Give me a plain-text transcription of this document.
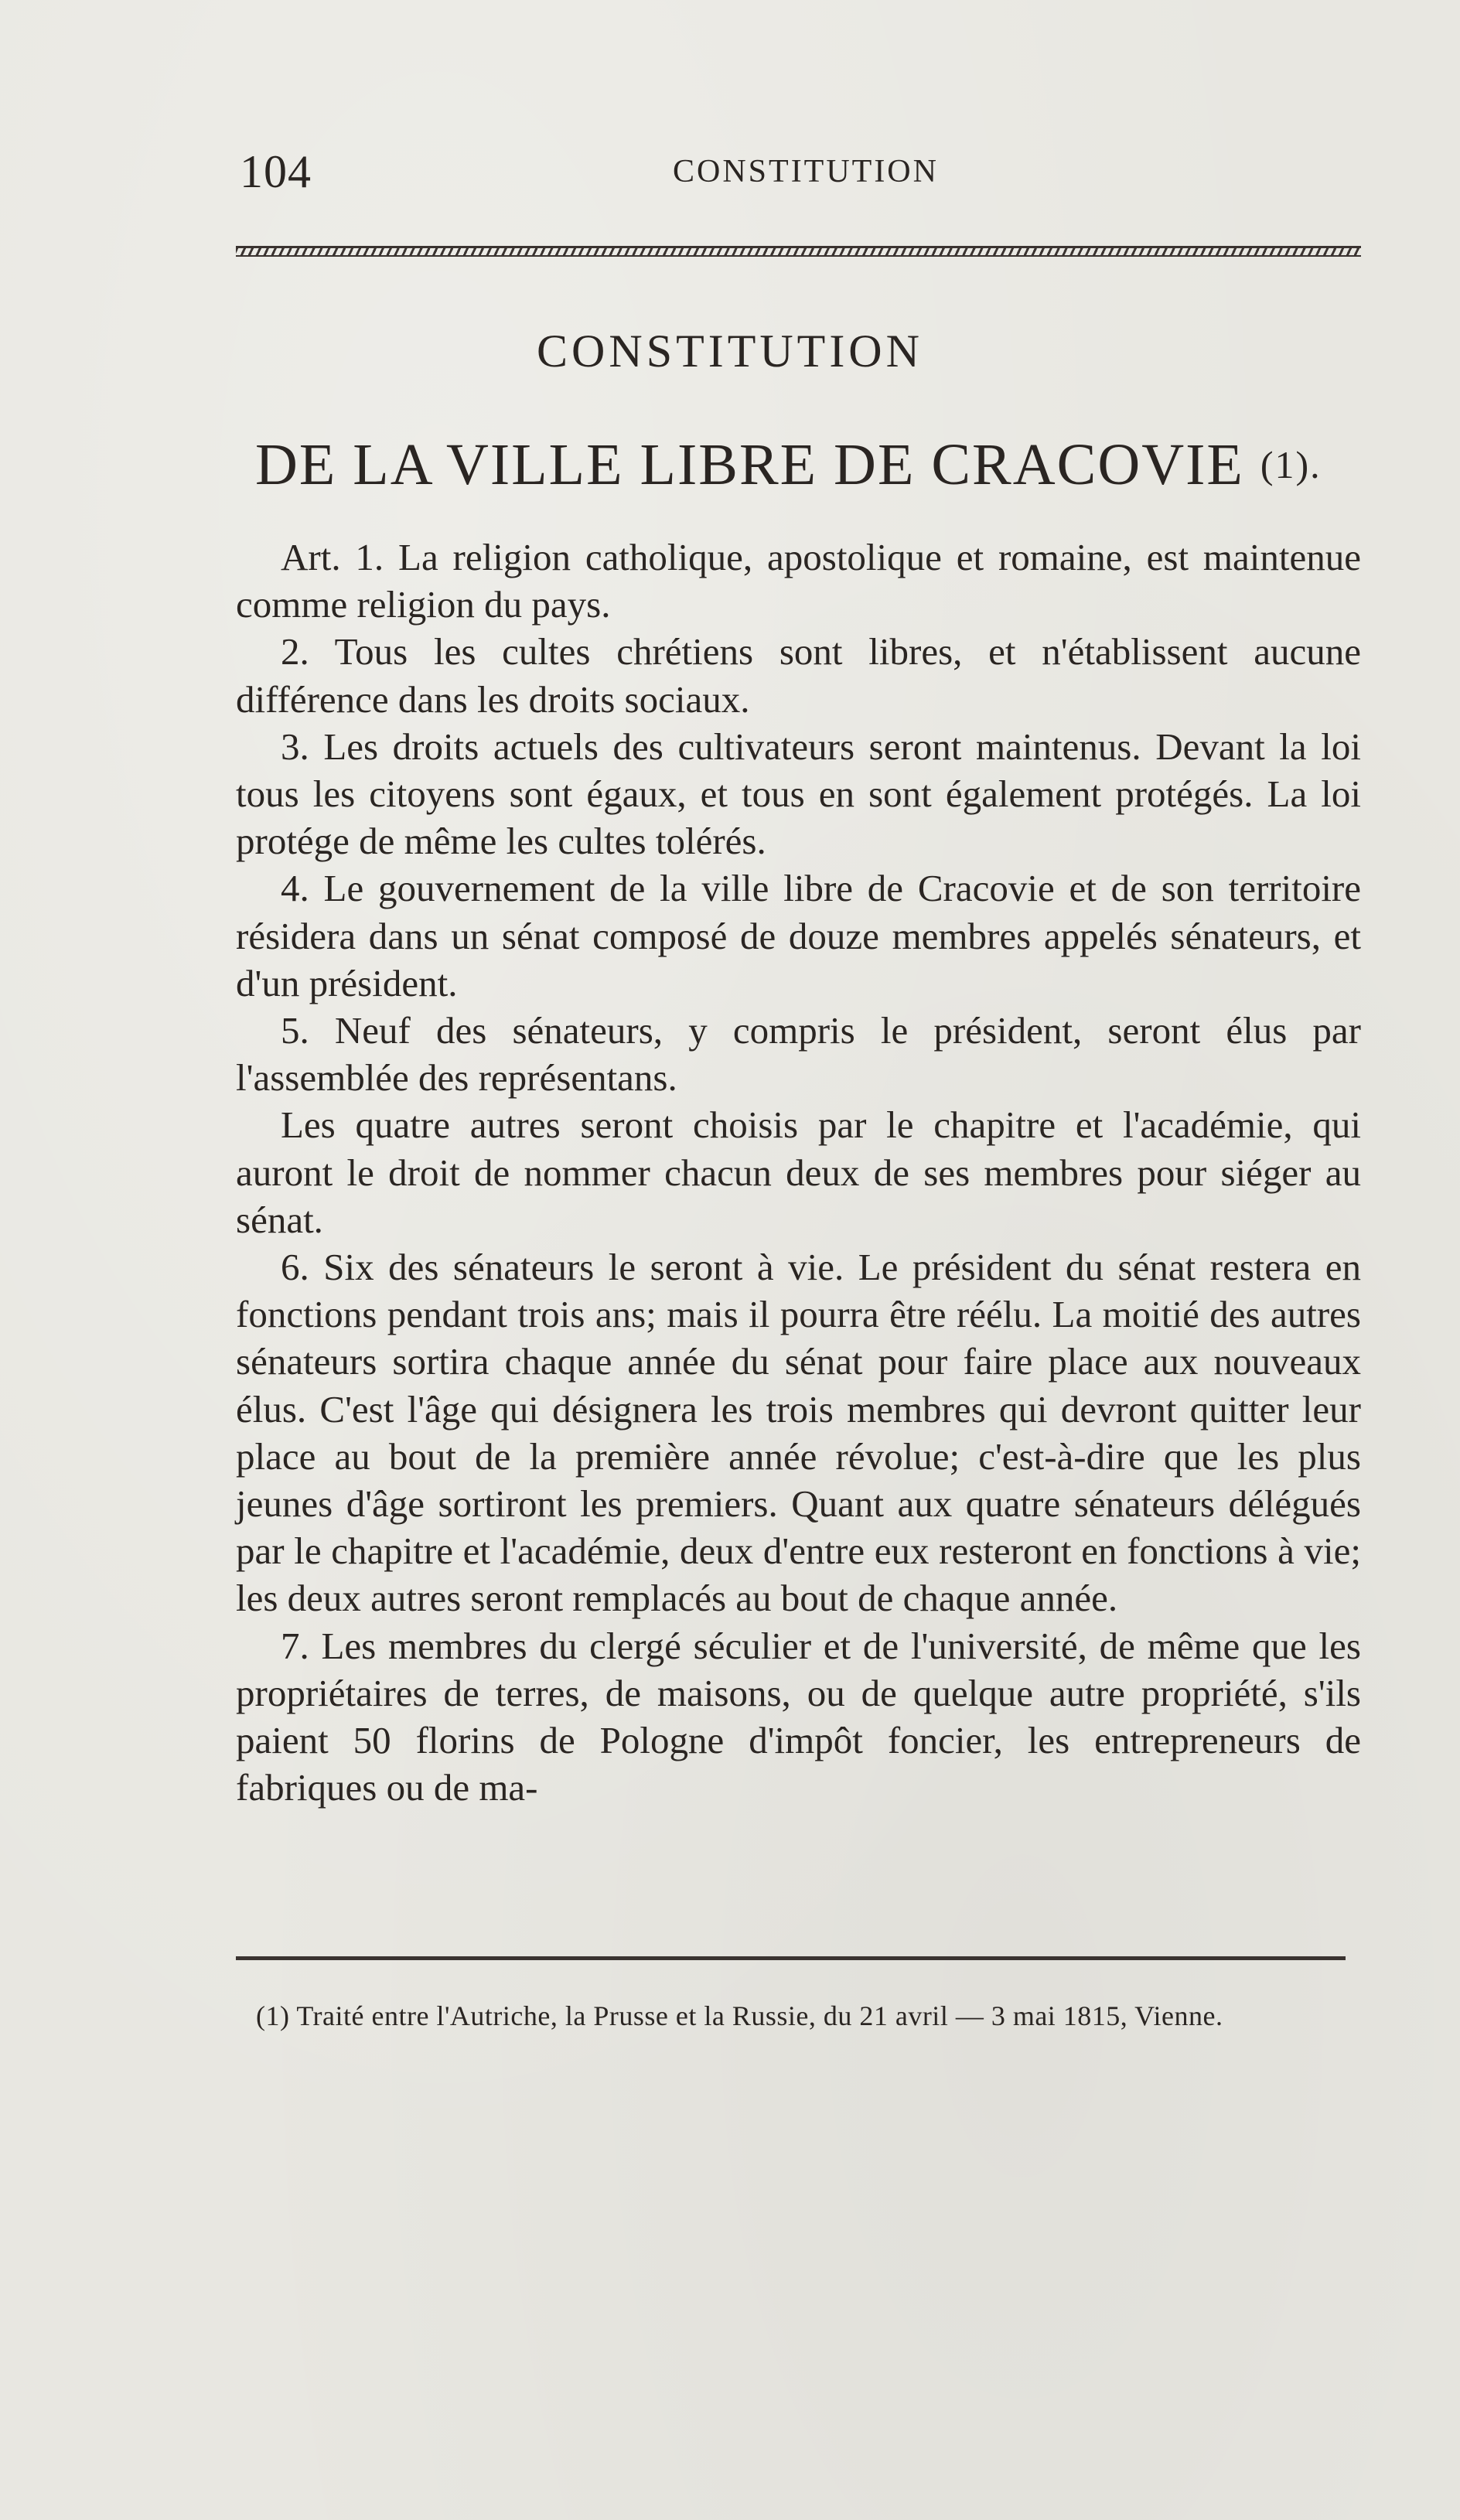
104	CONSTITUTION
CONSTITUTION
DE LA VILLE LIBRE DE CRACOVIE (1).

Art. 1. La religion catholique, apostolique et romaine, est maintenue comme religion du pays.

2. Tous les cultes chrétiens sont libres, et n'établissent aucune différence dans les droits sociaux.

3. Les droits actuels des cultivateurs seront maintenus. Devant la loi tous les citoyens sont égaux, et tous en sont également protégés. La loi protége de même les cultes tolérés.

4. Le gouvernement de la ville libre de Cracovie et de son territoire résidera dans un sénat composé de douze membres appelés sénateurs, et d'un président.

5. Neuf des sénateurs, y compris le président, seront élus par l'assemblée des représentans.

Les quatre autres seront choisis par le chapitre et l'académie, qui auront le droit de nommer chacun deux de ses membres pour siéger au sénat.

6. Six des sénateurs le seront à vie. Le président du sénat restera en fonctions pendant trois ans; mais il pourra être réélu. La moitié des autres sénateurs sortira chaque année du sénat pour faire place aux nouveaux élus. C'est l'âge qui désignera les trois membres qui devront quitter leur place au bout de la première année révolue; c'est-à-dire que les plus jeunes d'âge sortiront les premiers. Quant aux quatre sénateurs délégués par le chapitre et l'académie, deux d'entre eux resteront en fonctions à vie; les deux autres seront remplacés au bout de chaque année.

7. Les membres du clergé séculier et de l'université, de même que les propriétaires de terres, de maisons, ou de quelque autre propriété, s'ils paient 50 florins de Pologne d'impôt foncier, les entrepreneurs de fabriques ou de ma-

(1) Traité entre l'Autriche, la Prusse et la Russie, du 21 avril — 3 mai 1815, Vienne.
